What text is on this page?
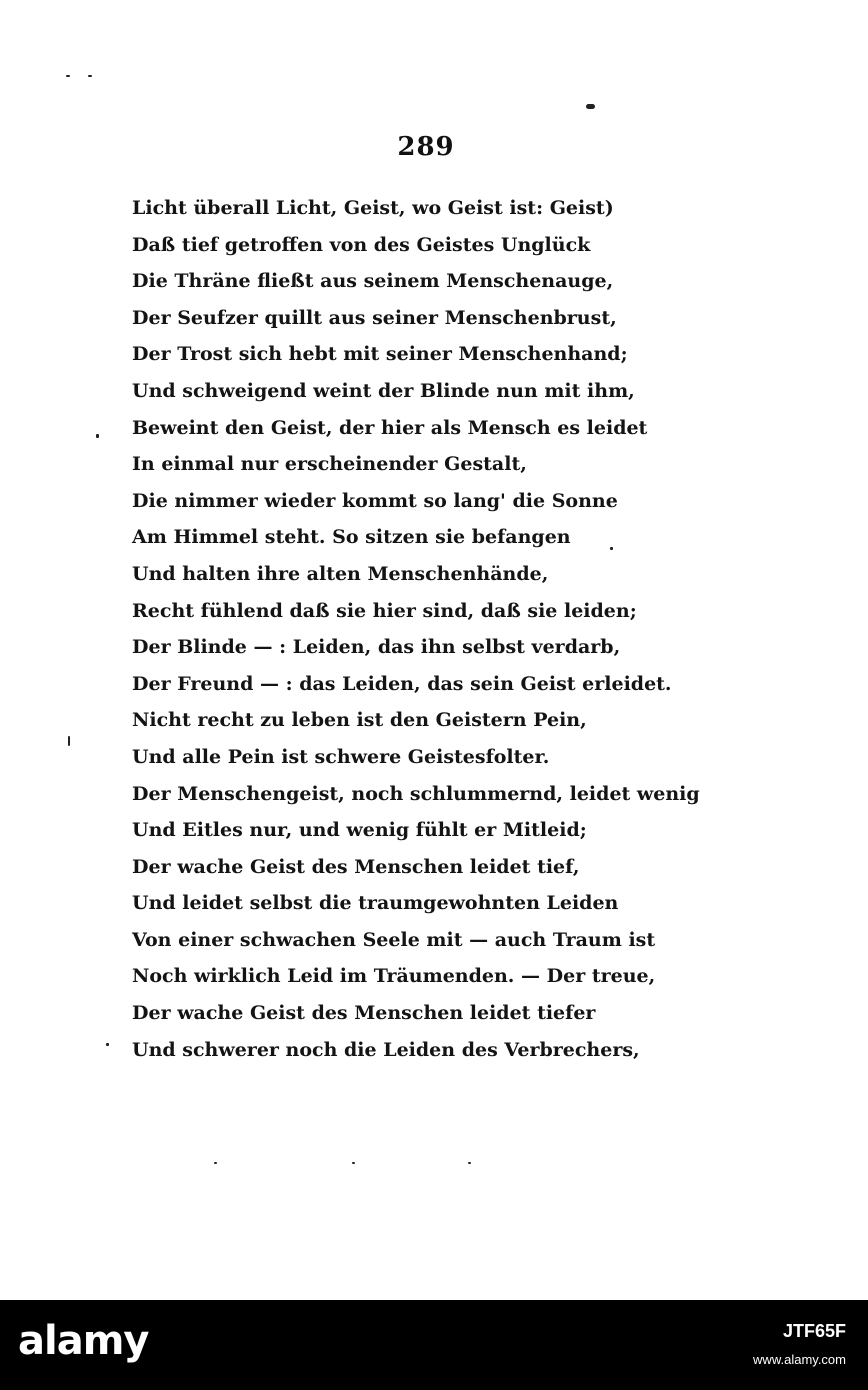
289
Licht überall Licht, Geist, wo Geist ist: Geist)
Daß tief getroffen von des Geistes Unglück
Die Thräne fließt aus seinem Menschenauge,
Der Seufzer quillt aus seiner Menschenbrust,
Der Trost sich hebt mit seiner Menschenhand;
Und schweigend weint der Blinde nun mit ihm,
Beweint den Geist, der hier als Mensch es leidet
In einmal nur erscheinender Gestalt,
Die nimmer wieder kommt so lang' die Sonne
Am Himmel steht. So sitzen sie befangen
Und halten ihre alten Menschenhände,
Recht fühlend daß sie hier sind, daß sie leiden;
Der Blinde — : Leiden, das ihn selbst verdarb,
Der Freund — : das Leiden, das sein Geist erleidet.
Nicht recht zu leben ist den Geistern Pein,
Und alle Pein ist schwere Geistesfolter.
Der Menschengeist, noch schlummernd, leidet wenig
Und Eitles nur, und wenig fühlt er Mitleid;
Der wache Geist des Menschen leidet tief,
Und leidet selbst die traumgewohnten Leiden
Von einer schwachen Seele mit — auch Traum ist
Noch wirklich Leid im Träumenden. — Der treue,
Der wache Geist des Menschen leidet tiefer
Und schwerer noch die Leiden des Verbrechers,
alamy	JTF65F
www.alamy.com
